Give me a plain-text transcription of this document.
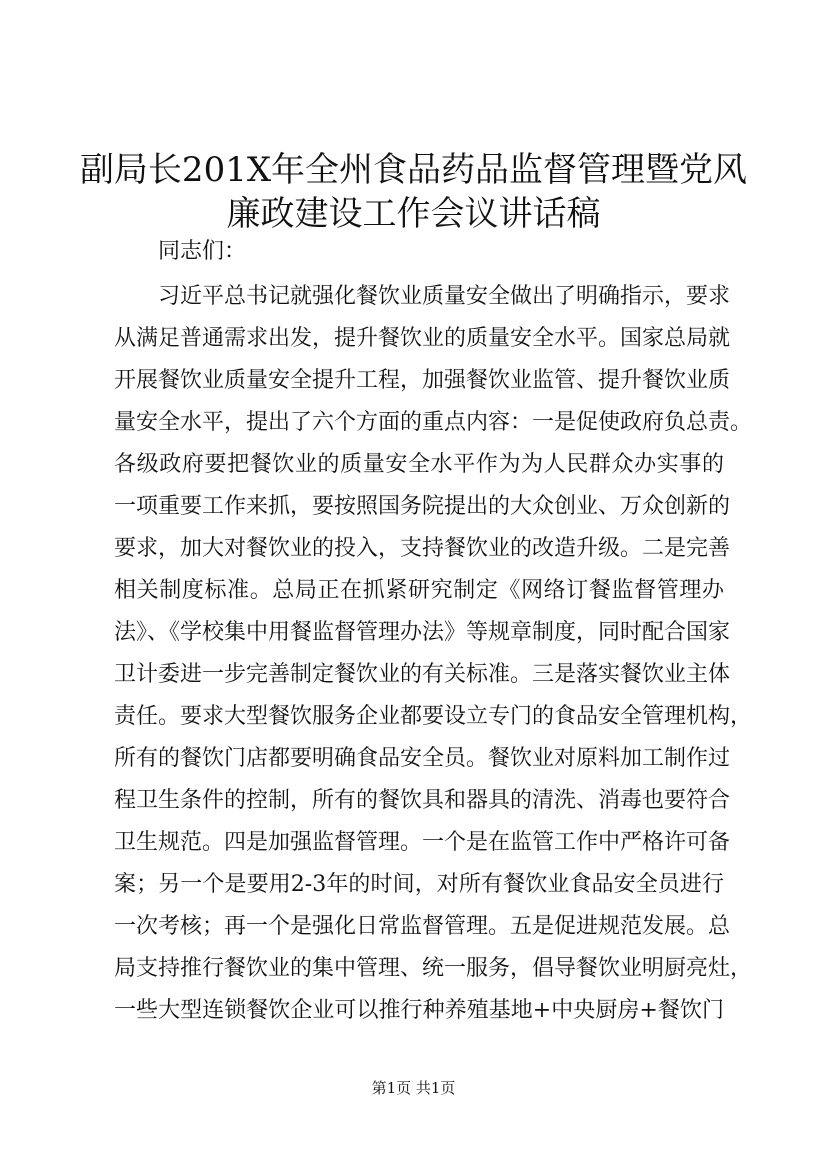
副局长201X年全州食品药品监督管理暨党风
廉政建设工作会议讲话稿

同志们：

习近平总书记就强化餐饮业质量安全做出了明确指示，要求

从满足普通需求出发，提升餐饮业的质量安全水平。国家总局就

开展餐饮业质量安全提升工程，加强餐饮业监管、提升餐饮业质

量安全水平，提出了六个方面的重点内容：一是促使政府负总责。

各级政府要把餐饮业的质量安全水平作为为人民群众办实事的

一项重要工作来抓，要按照国务院提出的大众创业、万众创新的

要求，加大对餐饮业的投入，支持餐饮业的改造升级。二是完善

相关制度标准。总局正在抓紧研究制定《网络订餐监督管理办

法》、《学校集中用餐监督管理办法》等规章制度，同时配合国家

卫计委进一步完善制定餐饮业的有关标准。三是落实餐饮业主体

责任。要求大型餐饮服务企业都要设立专门的食品安全管理机构，

所有的餐饮门店都要明确食品安全员。餐饮业对原料加工制作过

程卫生条件的控制，所有的餐饮具和器具的清洗、消毒也要符合

卫生规范。四是加强监督管理。一个是在监管工作中严格许可备

案；另一个是要用2-3年的时间，对所有餐饮业食品安全员进行

一次考核；再一个是强化日常监督管理。五是促进规范发展。总

局支持推行餐饮业的集中管理、统一服务，倡导餐饮业明厨亮灶，

一些大型连锁餐饮企业可以推行种养殖基地+中央厨房+餐饮门

第1页 共1页
